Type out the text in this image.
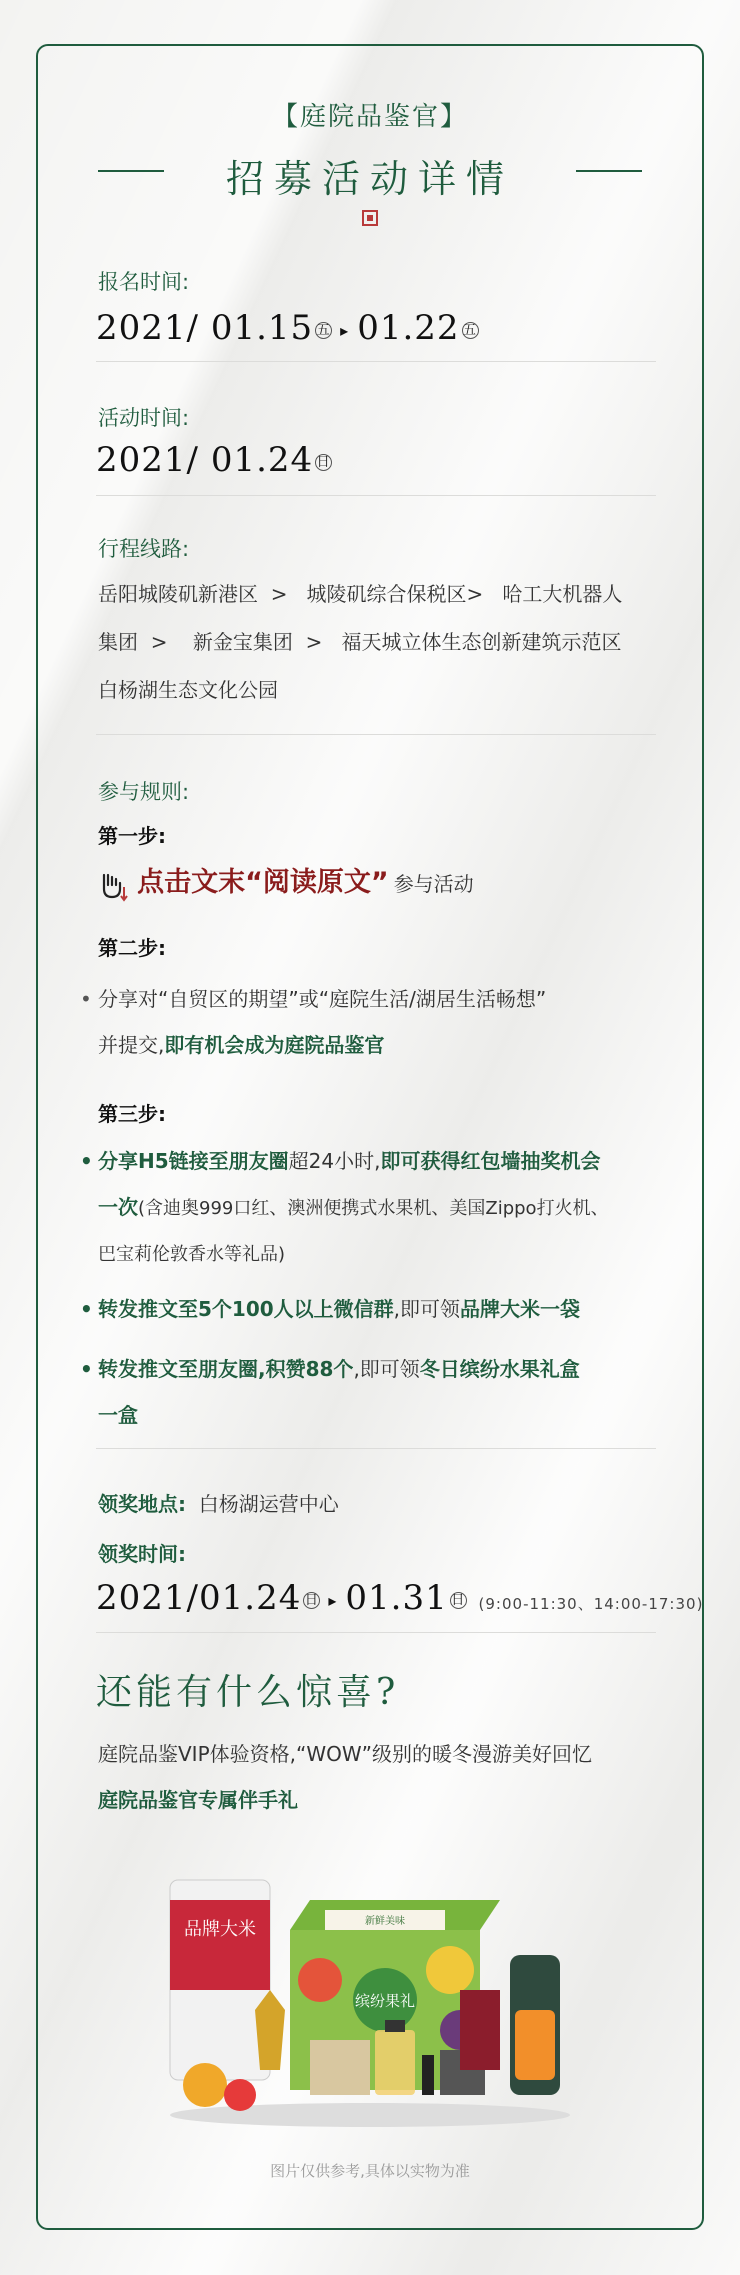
【庭院品鉴官】
招募活动详情
报名时间:
2021/ 01.15 五 ▸ 01.22 五
活动时间:
2021/ 01.24 日
行程线路:
岳阳城陵矶新港区  >   城陵矶综合保税区>   哈工大机器人
集团  >    新金宝集团  >   福天城立体生态创新建筑示范区
白杨湖生态文化公园
参与规则:
第一步:
点击文末“阅读原文” 参与活动
第二步:
• 分享对“自贸区的期望”或“庭院生活/湖居生活畅想”
并提交,即有机会成为庭院品鉴官
第三步:
• 分享H5链接至朋友圈超24小时,即可获得红包墙抽奖机会
一次(含迪奥999口红、澳洲便携式水果机、美国Zippo打火机、
巴宝莉伦敦香水等礼品)
• 转发推文至5个100人以上微信群,即可领品牌大米一袋
• 转发推文至朋友圈,积赞88个,即可领冬日缤纷水果礼盒
一盒
领奖地点: 白杨湖运营中心
领奖时间:
2021/01.24 日 ▸ 01.31 日 (9:00-11:30、14:00-17:30)
还能有什么惊喜?
庭院品鉴VIP体验资格,“WOW”级别的暖冬漫游美好回忆
庭院品鉴官专属伴手礼
品牌大米	新鲜美味
缤纷果礼
图片仅供参考,具体以实物为准
